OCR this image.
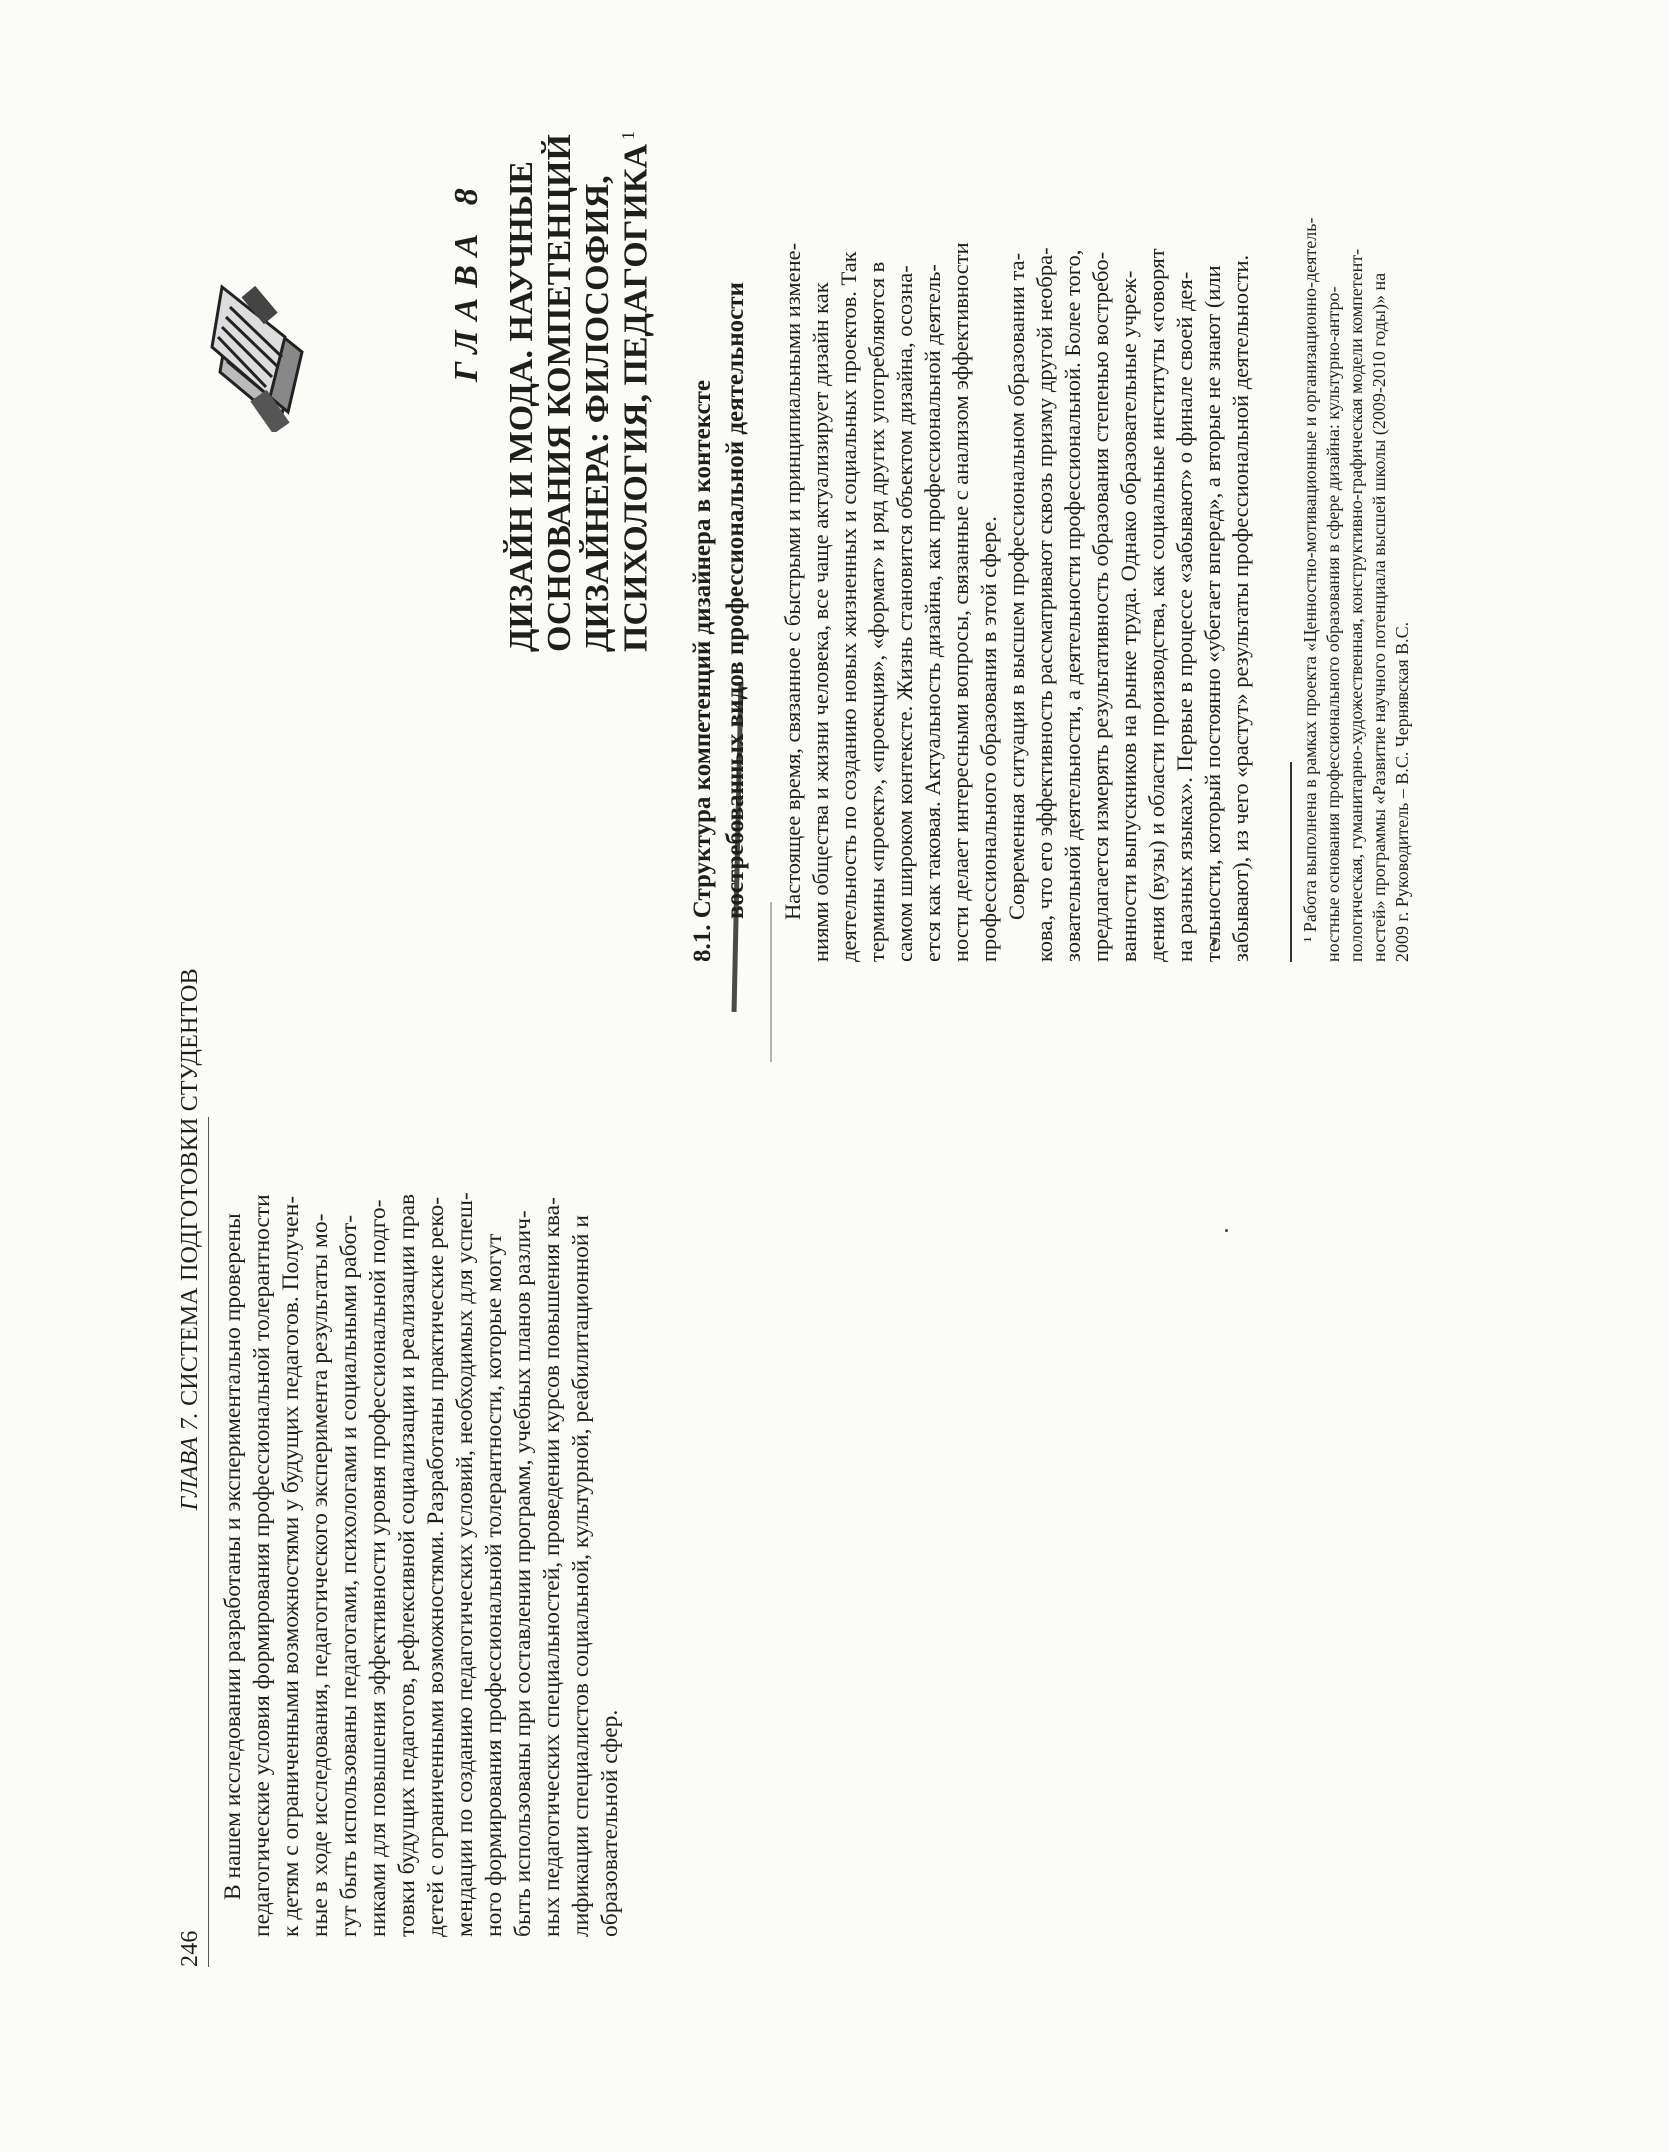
246ГЛАВА 7. СИСТЕМА ПОДГОТОВКИ СТУДЕНТОВ
В нашем исследовании разработаны и экспериментально проверены педагогические условия формирования профессиональной толерантности к детям с ограниченными возможностями у будущих педагогов. Получен- ные в ходе исследования, педагогического эксперимента результаты мо- гут быть использованы педагогами, психологами и социальными работ- никами для повышения эффективности уровня профессиональной подго- товки будущих педагогов, рефлексивной социализации и реализации прав детей с ограниченными возможностями. Разработаны практические реко- мендации по созданию педагогических условий, необходимых для успеш- ного формирования профессиональной толерантности, которые могут быть использованы при составлении программ, учебных планов различ- ных педагогических специальностей, проведении курсов повышения ква- лификации специалистов социальной, культурной, реабилитационной и образовательной сфер.
ГЛАВА 8 ДИЗАЙН И МОДА. НАУЧНЫЕ ОСНОВАНИЯ КОМПЕТЕНЦИЙ ДИЗАЙНЕРА: ФИЛОСОФИЯ, ПСИХОЛОГИЯ, ПЕДАГОГИКА$^1$
8.1. Структура компетенций дизайнера в контексте востребованных видов профессиональной деятельности	Настоящее время, связанное с быстрыми и принципиальными измене- ниями общества и жизни человека, все чаще актуализирует дизайн как деятельность по созданию новых жизненных и социальных проектов. Так термины «проект», «проекция», «формат» и ряд других употребляются в самом широком контексте. Жизнь становится объектом дизайна, осозна- ется как таковая. Актуальность дизайна, как профессиональной деятель- ности делает интересными вопросы, связанные с анализом эффективности профессионального образования в этой сфере. Современная ситуация в высшем профессиональном образовании та- кова, что его эффективность рассматривают сквозь призму другой необра- зовательной деятельности, а деятельности профессиональной. Более того, предлагается измерять результативность образования степенью востребо- ванности выпускников на рынке труда. Однако образовательные учреж- дения (вузы) и области производства, как социальные институты «говорят на разных языках». Первые в процессе «забывают» о финале своей дея- тельности, который постоянно «убегает вперед», а вторые не знают (или забывают), из чего «растут» результаты профессиональной деятельности.	¹ Работа выполнена в рамках проекта «Ценностно-мотивационные и организационно-деятель- ностные основания профессионального образования в сфере дизайна: культурно-антро- пологическая, гуманитарно-художественная, конструктивно-графическая модели компетент- ностей» программы «Развитие научного потенциала высшей школы (2009-2010 годы)» на 2009 г. Руководитель – В.С. Чернявская В.С.
